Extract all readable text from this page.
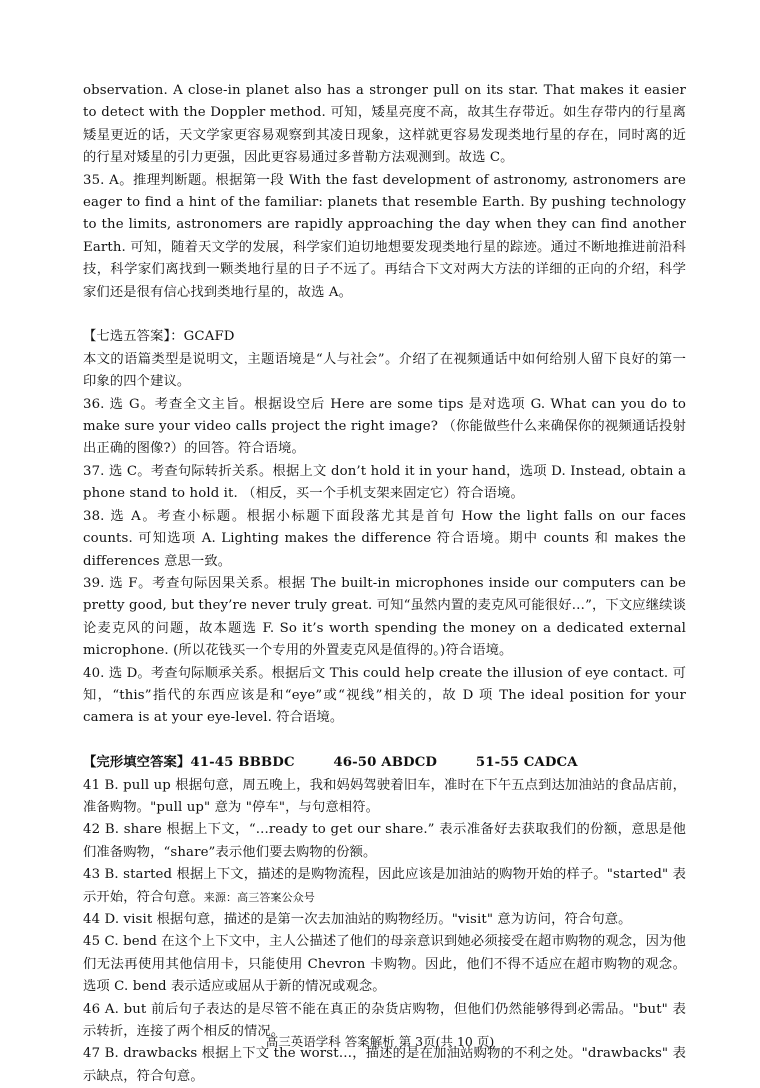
observation. A close-in planet also has a stronger pull on its star. That makes it easier to detect with the Doppler method. 可知，矮星亮度不高，故其生存带近。如生存带内的行星离矮星更近的话，天文学家更容易观察到其凌日现象，这样就更容易发现类地行星的存在，同时离的近的行星对矮星的引力更强，因此更容易通过多普勒方法观测到。故选 C。

35. A。推理判断题。根据第一段 With the fast development of astronomy, astronomers are eager to find a hint of the familiar: planets that resemble Earth. By pushing technology to the limits, astronomers are rapidly approaching the day when they can find another Earth. 可知，随着天文学的发展，科学家们迫切地想要发现类地行星的踪迹。通过不断地推进前沿科技，科学家们离找到一颗类地行星的日子不远了。再结合下文对两大方法的详细的正向的介绍，科学家们还是很有信心找到类地行星的，故选 A。

【七选五答案】：GCAFD

本文的语篇类型是说明文，主题语境是“人与社会”。介绍了在视频通话中如何给别人留下良好的第一印象的四个建议。

36. 选 G。考查全文主旨。根据设空后 Here are some tips 是对选项 G. What can you do to make sure your video calls project the right image? （你能做些什么来确保你的视频通话投射出正确的图像?）的回答。符合语境。

37. 选 C。考查句际转折关系。根据上文 don’t hold it in your hand，选项 D. Instead, obtain a phone stand to hold it. （相反，买一个手机支架来固定它）符合语境。

38. 选 A。考查小标题。根据小标题下面段落尤其是首句 How the light falls on our faces counts. 可知选项 A. Lighting makes the difference 符合语境。期中 counts 和 makes the differences 意思一致。

39. 选 F。考查句际因果关系。根据 The built-in microphones inside our computers can be pretty good, but they’re never truly great. 可知“虽然内置的麦克风可能很好…”，下文应继续谈论麦克风的问题，故本题选 F. So it’s worth spending the money on a dedicated external microphone. (所以花钱买一个专用的外置麦克风是值得的。)符合语境。

40. 选 D。考查句际顺承关系。根据后文 This could help create the illusion of eye contact. 可知，“this”指代的东西应该是和“eye”或“视线”相关的，故 D 项 The ideal position for your camera is at your eye-level. 符合语境。

【完形填空答案】41-45 BBBDC	46-50 ABDCD	51-55 CADCA

41 B. pull up 根据句意，周五晚上，我和妈妈驾驶着旧车，准时在下午五点到达加油站的食品店前，准备购物。"pull up" 意为 "停车"，与句意相符。

42 B. share 根据上下文，“...ready to get our share.” 表示准备好去获取我们的份额，意思是他们准备购物，“share”表示他们要去购物的份额。

43 B. started 根据上下文，描述的是购物流程，因此应该是加油站的购物开始的样子。"started" 表示开始，符合句意。来源：高三答案公众号

44 D. visit 根据句意，描述的是第一次去加油站的购物经历。"visit" 意为访问，符合句意。

45 C. bend 在这个上下文中，主人公描述了他们的母亲意识到她必须接受在超市购物的观念，因为他们无法再使用其他信用卡，只能使用 Chevron 卡购物。因此，他们不得不适应在超市购物的观念。选项 C. bend 表示适应或屈从于新的情况或观念。

46 A. but 前后句子表达的是尽管不能在真正的杂货店购物，但他们仍然能够得到必需品。"but" 表示转折，连接了两个相反的情况。

47 B. drawbacks 根据上下文 the worst…，描述的是在加油站购物的不利之处。"drawbacks" 表示缺点，符合句意。

高三英语学科 答案解析 第 3页(共 10 页)
